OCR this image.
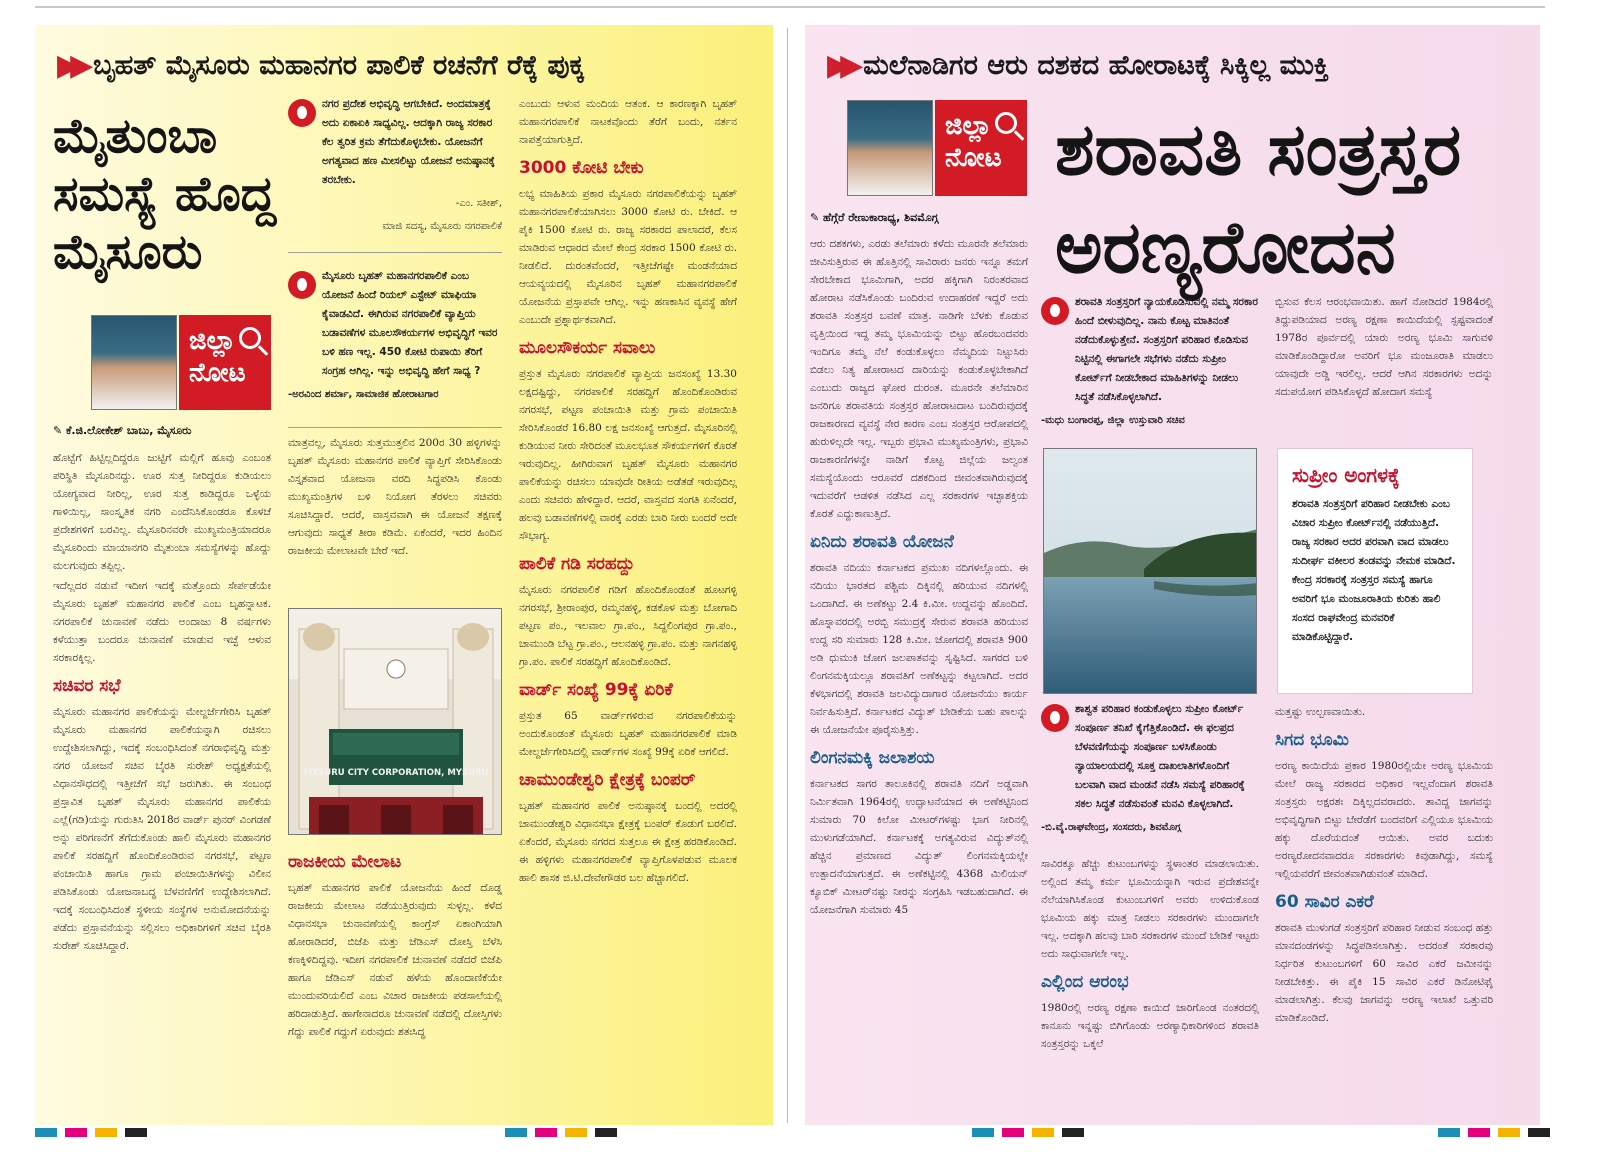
▶▶ ಬೃಹತ್ ಮೈಸೂರು ಮಹಾನಗರ ಪಾಲಿಕೆ ರಚನೆಗೆ ರೆಕ್ಕೆ ಪುಕ್ಕ
ಮೈತುಂಬಾ ಸಮಸ್ಯೆ ಹೊದ್ದ ಮೈಸೂರು
ಜಿಲ್ಲಾ ನೋಟ
✎ ಕೆ.ಜಿ.ಲೋಕೇಶ್ ಬಾಬು, ಮೈಸೂರು

ಹೊಟ್ಟೆಗೆ ಹಿಟ್ಟಿಲ್ಲದಿದ್ದರೂ ಜುಟ್ಟಿಗೆ ಮಲ್ಲಿಗೆ ಹೂವು ಎಂಬಂತ ಪರಿಸ್ಥಿತಿ ಮೈಸೂರಿನದ್ದು. ಊರ ಸುತ್ತ ನೀರಿದ್ದರೂ ಕುಡಿಯಲು ಯೋಗ್ಯವಾದ ನೀರಿಲ್ಲ, ಊರ ಸುತ್ತ ಕಾಡಿದ್ದರೂ ಒಳ್ಳೆಯ ಗಾಳಿಯಿಲ್ಲ, ಸಾಂಸ್ಕೃತಿಕ ನಗರಿ ಎಂದೆನಿಸಿಕೊಂಡರೂ ಕೊಳಚೆ ಪ್ರದೇಶಗಳಿಗೆ ಬರವಿಲ್ಲ. ಮೈಸೂರಿನವರೇ ಮುಖ್ಯಮಂತ್ರಿಯಾದರೂ ಮೈಸೂರಿಂದು ಮಾಯಾನಗರಿ ಮೈತುಂಬಾ ಸಮಸ್ಯೆಗಳನ್ನು ಹೊದ್ದು ಮಲಗುವುದು ತಪ್ಪಿಲ್ಲ.

ಇದೆಲ್ಲದರ ನಡುವೆ ಇದೀಗ ಇದಕ್ಕೆ ಮತ್ತೊಂದು ಸೇರ್ಪಡೆಯೇ ಮೈಸೂರು ಬೃಹತ್ ಮಹಾನಗರ ಪಾಲಿಕೆ ಎಂಬ ಬೃಹನ್ನಾಟಕ. ನಗರಪಾಲಿಕೆ ಚುನಾವಣೆ ನಡೆದು ಅಂದಾಜು 8 ವರ್ಷಗಳು ಕಳೆಯುತ್ತಾ ಬಂದರೂ ಚುನಾವಣೆ ಮಾಡುವ ಇಚ್ಛೆ ಆಳುವ ಸರಕಾರಕ್ಕಿಲ್ಲ.

ಸಚಿವರ ಸಭೆ

ಮೈಸೂರು ಮಹಾನಗರ ಪಾಲಿಕೆಯನ್ನು ಮೇಲ್ದರ್ಜೆಗೇರಿಸಿ ಬೃಹತ್ ಮೈಸೂರು ಮಹಾನಗರ ಪಾಲಿಕೆಯನ್ನಾಗಿ ರಚಿಸಲು ಉದ್ದೇಶಿಸಲಾಗಿದ್ದು, ಇದಕ್ಕೆ ಸಂಬಂಧಿಸಿದಂತೆ ನಗರಾಭಿವೃದ್ಧಿ ಮತ್ತು ನಗರ ಯೋಜನೆ ಸಚಿವ ಬೈರತಿ ಸುರೇಶ್ ಅಧ್ಯಕ್ಷತೆಯಲ್ಲಿ ವಿಧಾನಸೌಧದಲ್ಲಿ ಇತ್ತೀಚೆಗೆ ಸಭೆ ಜರುಗಿತು. ಈ ಸಂಬಂಧ ಪ್ರಸ್ತಾವಿತ ಬೃಹತ್ ಮೈಸೂರು ಮಹಾನಗರ ಪಾಲಿಕೆಯ ಎಲ್ಲೆ(ಗಡಿ)ಯನ್ನು ಗುರುತಿಸಿ 2018ರ ವಾರ್ಡ್ ಪುನರ್ ವಿಂಗಡಣೆ ಅನ್ನು ಪರಿಗಣನೆಗೆ ತೆಗೆದುಕೊಂಡು ಹಾಲಿ ಮೈಸೂರು ಮಹಾನಗರ ಪಾಲಿಕೆ ಸರಹದ್ದಿಗೆ ಹೊಂದಿಕೊಂಡಿರುವ ನಗರಸಭೆ, ಪಟ್ಟಣ ಪಂಚಾಯಿತಿ ಹಾಗೂ ಗ್ರಾಮ ಪಂಚಾಯಿತಿಗಳನ್ನು ವಿಲೀನ ಪಡಿಸಿಕೊಂಡು ಯೋಜನಾಬದ್ಧ ಬೆಳವಣಿಗೆಗೆ ಉದ್ದೇಶಿಸಲಾಗಿದೆ. ಇದಕ್ಕೆ ಸಂಬಂಧಿಸಿದಂತೆ ಸ್ಥಳೀಯ ಸಂಸ್ಥೆಗಳ ಅನುಮೋದನೆಯನ್ನು ಪಡೆದು ಪ್ರಸ್ತಾವನೆಯನ್ನು ಸಲ್ಲಿಸಲು ಅಧಿಕಾರಿಗಳಿಗೆ ಸಚಿವ ಬೈರತಿ ಸುರೇಶ್ ಸೂಚಿಸಿದ್ದಾರೆ.

ನಗರ ಪ್ರದೇಶ ಅಭಿವೃದ್ಧಿ ಆಗಬೇಕಿದೆ. ಅಂದಮಾತ್ರಕ್ಕೆ ಅದು ಏಕಾಏಕಿ ಸಾಧ್ಯವಿಲ್ಲ. ಆದಕ್ಕಾಗಿ ರಾಜ್ಯ ಸರಕಾರ ಕೆಲ ತ್ವರಿತ ಕ್ರಮ ತೆಗೆದುಕೊಳ್ಳಬೇಕು. ಯೋಜನೆಗೆ ಅಗತ್ಯವಾದ ಹಣ ಮೀಸಲಿಟ್ಟು ಯೋಜನೆ ಅನುಷ್ಠಾನಕ್ಕೆ ತರಬೇಕು.
-ಎಂ. ಸತೀಶ್,
ಮಾಜಿ ಸದಸ್ಯ, ಮೈಸೂರು ನಗರಪಾಲಿಕೆ
ಮೈಸೂರು ಬೃಹತ್ ಮಹಾನಗರಪಾಲಿಕೆ ಎಂಬ ಯೋಜನೆ ಹಿಂದೆ ರಿಯಲ್ ಎಸ್ಟೇಟ್ ಮಾಫಿಯಾ ಕೈವಾಡವಿದೆ. ಈಗಿರುವ ನಗರಪಾಲಿಕೆ ವ್ಯಾಪ್ತಿಯ ಬಡಾವಣೆಗಳ ಮೂಲಸೌಕರ್ಯಗಳ ಅಭಿವೃದ್ಧಿಗೆ ಇವರ ಬಳಿ ಹಣ ಇಲ್ಲ. 450 ಕೋಟಿ ರುಪಾಯಿ ತೆರಿಗೆ ಸಂಗ್ರಹ ಆಗಿಲ್ಲ. ಇನ್ನು ಅಭಿವೃದ್ಧಿ ಹೇಗೆ ಸಾಧ್ಯ ?
-ಅರವಿಂದ ಶರ್ಮಾ, ಸಾಮಾಜಿಕ ಹೋರಾಟಗಾರ

ಮಾತ್ರವಲ್ಲ, ಮೈಸೂರು ಸುತ್ತಮುತ್ತಲಿನ 200ರ 30 ಹಳ್ಳಿಗಳನ್ನು ಬೃಹತ್ ಮೈಸೂರು ಮಹಾನಗರ ಪಾಲಿಕೆ ವ್ಯಾಪ್ತಿಗೆ ಸೇರಿಸಿಕೊಂಡು ವಿಸ್ತೃತವಾದ ಯೋಜನಾ ವರದಿ ಸಿದ್ಧಪಡಿಸಿ ಕೊಂಡು ಮುಖ್ಯಮಂತ್ರಿಗಳ ಬಳಿ ನಿಯೋಗ ತೆರಳಲು ಸಚಿವರು ಸೂಚಿಸಿದ್ದಾರೆ. ಆದರೆ, ವಾಸ್ತವವಾಗಿ ಈ ಯೋಜನೆ ತಕ್ಷಣಕ್ಕೆ ಆಗುವುದು ಸಾಧ್ಯತೆ ತೀರಾ ಕಡಿಮೆ. ಏಕೆಂದರೆ, ಇದರ ಹಿಂದಿನ ರಾಜಕೀಯ ಮೇಲಾಟವೇ ಬೇರೆ ಇದೆ.

MYSURU CITY CORPORATION, MYSURU
ರಾಜಕೀಯ ಮೇಲಾಟ

ಬೃಹತ್ ಮಹಾನಗರ ಪಾಲಿಕೆ ಯೋಜನೆಯ ಹಿಂದೆ ದೊಡ್ಡ ರಾಜಕೀಯ ಮೇಲಾಟ ನಡೆಯುತ್ತಿರುವುದು ಸುಳ್ಳಲ್ಲ. ಕಳೆದ ವಿಧಾನಸಭಾ ಚುನಾವಣೆಯಲ್ಲಿ ಕಾಂಗ್ರೆಸ್ ಏಕಾಂಗಿಯಾಗಿ ಹೋರಾಡಿದರೆ, ಬಿಜೆಪಿ ಮತ್ತು ಜೆಡಿಎಸ್ ದೋಸ್ತಿ ಬೆಳೆಸಿ ಕಣಕ್ಕಿಳಿದಿದ್ದವು. ಇದೀಗ ನಗರಪಾಲಿಕೆ ಚುನಾವಣೆ ನಡೆದರೆ ಬಿಜೆಪಿ ಹಾಗೂ ಜೆಡಿಎಸ್ ನಡುವೆ ಹಳೆಯ ಹೊಂದಾಣಿಕೆಯೇ ಮುಂದುವರಿಯಲಿದೆ ಎಂಬ ವಿಚಾರ ರಾಜಕೀಯ ಪಡಸಾಲೆಯಲ್ಲಿ ಹರಿದಾಡುತ್ತಿದೆ. ಹಾಗೇನಾದರೂ ಚುನಾವಣೆ ನಡೆದಲ್ಲಿ ದೋಸ್ತಿಗಳು ಗೆದ್ದು ಪಾಲಿಕೆ ಗದ್ದುಗೆ ಏರುವುದು ಶತಃಸಿದ್ಧ

ಎಂಬುದು ಆಳುವ ಮಂದಿಯ ಆತಂಕ. ಆ ಕಾರಣಕ್ಕಾಗಿ ಬೃಹತ್ ಮಹಾನಗರಪಾಲಿಕೆ ನಾಟಕವೊಂದು ತೆರೆಗೆ ಬಂದು, ನರ್ತನ ನಾಪತ್ತೆಯಾಗುತ್ತಿದೆ.

3000 ಕೋಟಿ ಬೇಕು

ಲಭ್ಯ ಮಾಹಿತಿಯ ಪ್ರಕಾರ ಮೈಸೂರು ನಗರಪಾಲಿಕೆಯನ್ನು ಬೃಹತ್ ಮಹಾನಗರಪಾಲಿಕೆಯಾಗಿಸಲು 3000 ಕೋಟಿ ರು. ಬೇಕಿದೆ. ಆ ಪೈಕಿ 1500 ಕೋಟಿ ರು. ರಾಜ್ಯ ಸರಕಾರದ ಪಾಲಾದರೆ, ಕೆಲಸ ಮಾಡಿರುವ ಆಧಾರದ ಮೇಲೆ ಕೇಂದ್ರ ಸರಕಾರ 1500 ಕೋಟಿ ರು. ನೀಡಲಿದೆ. ದುರಂತವೆಂದರೆ, ಇತ್ತೀಚೆಗಷ್ಟೇ ಮಂಡನೆಯಾದ ಆಯವ್ಯಯದಲ್ಲಿ ಮೈಸೂರಿನ ಬೃಹತ್ ಮಹಾನಗರಪಾಲಿಕೆ ಯೋಜನೆಯ ಪ್ರಸ್ತಾಪವೇ ಆಗಿಲ್ಲ. ಇನ್ನು ಹಣಕಾಸಿನ ವ್ಯವಸ್ಥೆ ಹೇಗೆ ಎಂಬುದೇ ಪ್ರಶ್ನಾರ್ಥಕವಾಗಿದೆ.

ಮೂಲಸೌಕರ್ಯ ಸವಾಲು

ಪ್ರಸ್ತುತ ಮೈಸೂರು ನಗರಪಾಲಿಕೆ ವ್ಯಾಪ್ತಿಯ ಜನಸಂಖ್ಯೆ 13.30 ಲಕ್ಷದಷ್ಟಿದ್ದು, ನಗರಪಾಲಿಕೆ ಸರಹದ್ದಿಗೆ ಹೊಂದಿಕೊಂಡಿರುವ ನಗರಸಭೆ, ಪಟ್ಟಣ ಪಂಚಾಯಿತಿ ಮತ್ತು ಗ್ರಾಮ ಪಂಚಾಯಿತಿ ಸೇರಿಸಿಕೊಂಡರೆ 16.80 ಲಕ್ಷ ಜನಸಂಖ್ಯೆ ಆಗುತ್ತದೆ. ಮೈಸೂರಿನಲ್ಲಿ ಕುಡಿಯುವ ನೀರು ಸೇರಿದಂತೆ ಮೂಲಭೂತ ಸೌಕರ್ಯಗಳಿಗೆ ಕೊರತೆ ಇರುವುದಿಲ್ಲ. ಹೀಗಿರುವಾಗ ಬೃಹತ್ ಮೈಸೂರು ಮಹಾನಗರ ಪಾಲಿಕೆಯನ್ನು ರಚಿಸಲು ಯಾವುದೇ ರೀತಿಯ ಅಡೆತಡೆ ಇರುವುದಿಲ್ಲ ಎಂದು ಸಚಿವರು ಹೇಳಿದ್ದಾರೆ. ಆದರೆ, ವಾಸ್ತವದ ಸಂಗತಿ ಏನೆಂದರೆ, ಹಲವು ಬಡಾವಣೆಗಳಲ್ಲಿ ವಾರಕ್ಕೆ ಎರಡು ಬಾರಿ ನೀರು ಬಂದರೆ ಅದೇ ಸೌಭಾಗ್ಯ.

ಪಾಲಿಕೆ ಗಡಿ ಸರಹದ್ದು

ಮೈಸೂರು ನಗರಪಾಲಿಕೆ ಗಡಿಗೆ ಹೊಂದಿಕೊಂಡಂತೆ ಹೂಟಗಳ್ಳಿ ನಗರಸಭೆ, ಶ್ರೀರಾಂಪುರ, ರಮ್ಮನಹಳ್ಳಿ, ಕಡಕೊಳ ಮತ್ತು ಬೋಗಾದಿ ಪಟ್ಟಣ ಪಂ., ಇಲವಾಲ ಗ್ರಾ.ಪಂ., ಸಿದ್ದಲಿಂಗಪುರ ಗ್ರಾ.ಪಂ., ಚಾಮುಂಡಿ ಬೆಟ್ಟ ಗ್ರಾ.ಪಂ., ಆಲನಹಳ್ಳಿ ಗ್ರಾ.ಪಂ. ಮತ್ತು ನಾಗನಹಳ್ಳಿ ಗ್ರಾ.ಪಂ. ಪಾಲಿಕೆ ಸರಹದ್ದಿಗೆ ಹೊಂದಿಕೊಂಡಿದೆ.

ವಾರ್ಡ್ ಸಂಖ್ಯೆ 99ಕ್ಕೆ ಏರಿಕೆ

ಪ್ರಸ್ತುತ 65 ವಾರ್ಡ್‌ಗಳಿರುವ ನಗರಪಾಲಿಕೆಯನ್ನು ಅಂದುಕೊಂಡಂತೆ ಮೈಸೂರು ಬೃಹತ್ ಮಹಾನಗರಪಾಲಿಕೆ ಮಾಡಿ ಮೇಲ್ದರ್ಜೆಗೇರಿಸಿದಲ್ಲಿ ವಾರ್ಡ್‌ಗಳ ಸಂಖ್ಯೆ 99ಕ್ಕೆ ಏರಿಕೆ ಆಗಲಿದೆ.

ಚಾಮುಂಡೇಶ್ವರಿ ಕ್ಷೇತ್ರಕ್ಕೆ ಬಂಪರ್

ಬೃಹತ್ ಮಹಾನಗರ ಪಾಲಿಕೆ ಅನುಷ್ಠಾನಕ್ಕೆ ಬಂದಲ್ಲಿ ಅದರಲ್ಲಿ ಚಾಮುಂಡೇಶ್ವರಿ ವಿಧಾನಸಭಾ ಕ್ಷೇತ್ರಕ್ಕೆ ಬಂಪರ್ ಕೊಡುಗೆ ಬರಲಿದೆ. ಏಕೆಂದರೆ, ಮೈಸೂರು ನಗರದ ಸುತ್ತಲೂ ಈ ಕ್ಷೇತ್ರ ಹರಡಿಕೊಂಡಿದೆ. ಈ ಹಳ್ಳಿಗಳು ಮಹಾನಗರಪಾಲಿಕೆ ವ್ಯಾಪ್ತಿಗೊಳಪಡುವ ಮೂಲಕ ಹಾಲಿ ಶಾಸಕ ಜಿ.ಟಿ.ದೇವೇಗೌಡರ ಬಲ ಹೆಚ್ಚಾಗಲಿದೆ.

▶▶ ಮಲೆನಾಡಿಗರ ಆರು ದಶಕದ ಹೋರಾಟಕ್ಕೆ ಸಿಕ್ಕಿಲ್ಲ ಮುಕ್ತಿ
ಜಿಲ್ಲಾ ನೋಟ ಶರಾವತಿ ಸಂತ್ರಸ್ತರ ಅರಣ್ಯರೋದನ
✎ ಹೆಗ್ಗೆರೆ ರೇಣುಕಾರಾಧ್ಯ, ಶಿವಮೊಗ್ಗ

ಆರು ದಶಕಗಳು, ಎರಡು ತಲೆಮಾರು ಕಳೆದು ಮೂರನೇ ತಲೆಮಾರು ಜೀವಿಸುತ್ತಿರುವ ಈ ಹೊತ್ತಿನಲ್ಲಿ ಸಾವಿರಾರು ಜನರು ಇನ್ನೂ ತಮಗೆ ಸೇರಬೇಕಾದ ಭೂಮಿಗಾಗಿ, ಅದರ ಹಕ್ಕಿಗಾಗಿ ನಿರಂತರವಾದ ಹೋರಾಟ ನಡೆಸಿಕೊಂಡು ಬಂದಿರುವ ಉದಾಹರಣೆ ಇದ್ದರೆ ಅದು ಶರಾವತಿ ಸಂತ್ರಸ್ತರ ಬವಣೆ ಮಾತ್ರ. ನಾಡಿಗೇ ಬೆಳಕು ಕೊಡುವ ವೃತ್ತಿಯಿಂದ ಇದ್ದ ತಮ್ಮ ಭೂಮಿಯನ್ನು ಬಿಟ್ಟು ಹೊರಬಂದವರು ಇಂದಿಗೂ ತಮ್ಮ ನೆಲೆ ಕಂಡುಕೊಳ್ಳಲು ನೆಮ್ಮದಿಯ ನಿಟ್ಟುಸಿರು ಬಿಡಲು ನಿತ್ಯ ಹೋರಾಟದ ದಾರಿಯನ್ನು ಕಂಡುಕೊಳ್ಳಬೇಕಾಗಿದೆ ಎಂಬುದು ರಾಜ್ಯದ ಘೋರ ದುರಂತ. ಮೂರನೇ ತಲೆಮಾರಿನ ಜನರಿಗೂ ಶರಾವತಿಯ ಸಂತ್ರಸ್ತರ ಹೋರಾಟದಾಟ ಬಂದಿರುವುದಕ್ಕೆ ರಾಜಕಾರಣದ ವ್ಯವಸ್ಥೆ ನೇರ ಕಾರಣ ಎಂಬ ಸಂತ್ರಸ್ತರ ಆರೋಪದಲ್ಲಿ ಹುರುಳಿಲ್ಲದೇ ಇಲ್ಲ. ಇಬ್ಬರು ಪ್ರಭಾವಿ ಮುಖ್ಯಮಂತ್ರಿಗಳು, ಪ್ರಭಾವಿ ರಾಜಕಾರಣಿಗಳನ್ನೇ ನಾಡಿಗೆ ಕೊಟ್ಟ ಜಿಲ್ಲೆಯ ಜಲ್ವಂತ ಸಮಸ್ಯೆಯೊಂದು ಆರೂವರೆ ದಶಕದಿಂದ ಜೀವಂತವಾಗಿರುವುದಕ್ಕೆ ಇದುವರೆಗೆ ಆಡಳಿತ ನಡೆಸಿದ ಎಲ್ಲ ಸರಕಾರಗಳ ಇಚ್ಛಾಶಕ್ತಿಯ ಕೊರತೆ ಎದ್ದುಕಾಣುತ್ತಿದೆ.

ಏನಿದು ಶರಾವತಿ ಯೋಜನೆ

ಶರಾವತಿ ನದಿಯು ಕರ್ನಾಟಕದ ಪ್ರಮುಖ ನದಿಗಳಲ್ಲೊಂದು. ಈ ನದಿಯು ಭಾರತದ ಪಶ್ಚಿಮ ದಿಕ್ಕಿನಲ್ಲಿ ಹರಿಯುವ ನದಿಗಳಲ್ಲಿ ಒಂದಾಗಿದೆ. ಈ ಅಣೆಕಟ್ಟು 2.4 ಕಿ.ಮೀ. ಉದ್ದವನ್ನು ಹೊಂದಿದೆ. ಹೊಸ್ನಾವರದಲ್ಲಿ ಅರಬ್ಬಿ ಸಮುದ್ರಕ್ಕೆ ಸೇರುವ ಶರಾವತಿ ಹರಿಯುವ ಉದ್ದ ಸರಿ ಸುಮಾರು 128 ಕಿ.ಮೀ. ಜೋಗದಲ್ಲಿ ಶರಾವತಿ 900 ಅಡಿ ಧುಮುಕಿ ಜೋಗ ಜಲಪಾತವನ್ನು ಸೃಷ್ಟಿಸಿದೆ. ಸಾಗರದ ಬಳಿ ಲಿಂಗನಮಕ್ಕಿಯಲ್ಲೂ ಶರಾವತಿಗೆ ಅಣೆಕಟ್ಟನ್ನು ಕಟ್ಟಲಾಗಿದೆ. ಅದರ ಕೆಳಭಾಗದಲ್ಲಿ ಶರಾವತಿ ಜಲವಿದ್ಯುದಾಗಾರ ಯೋಜನೆಯು ಕಾರ್ಯ ನಿರ್ವಹಿಸುತ್ತಿದೆ. ಕರ್ನಾಟಕದ ವಿದ್ಯುತ್ ಬೇಡಿಕೆಯ ಬಹು ಪಾಲನ್ನು ಈ ಯೋಜನೆಯೇ ಪೂರೈಸುತ್ತಿತ್ತು.

ಲಿಂಗನಮಕ್ಕಿ ಜಲಾಶಯ

ಕರ್ನಾಟಕದ ಸಾಗರ ತಾಲೂಕಿನಲ್ಲಿ ಶರಾವತಿ ನದಿಗೆ ಅಡ್ಡವಾಗಿ ನಿರ್ಮಿತವಾಗಿ 1964ರಲ್ಲಿ ಉದ್ಘಾಟನೆಯಾದ ಈ ಅಣೆಕಟ್ಟಿನಿಂದ ಸುಮಾರು 70 ಕಿಲೋ ಮೀಟರ್‌ಗಳಷ್ಟು ಭಾಗ ನೀರಿನಲ್ಲಿ ಮುಳುಗಡೆಯಾಗಿದೆ. ಕರ್ನಾಟಕಕ್ಕೆ ಅಗತ್ಯವಿರುವ ವಿದ್ಯುತ್‌ನಲ್ಲಿ ಹೆಚ್ಚಿನ ಪ್ರಮಾಣದ ವಿದ್ಯುತ್ ಲಿಂಗನಮಕ್ಕಿಯಲ್ಲೇ ಉತ್ಪಾದನೆಯಾಗುತ್ತದೆ. ಈ ಅಣೆಕಟ್ಟಿನಲ್ಲಿ 4368 ಮಿಲಿಯನ್ ಕ್ಯೂಬಿಕ್ ಮೀಟರ್‌ನಷ್ಟು ನೀರನ್ನು ಸಂಗ್ರಹಿಸಿ ಇಡಬಹುದಾಗಿದೆ. ಈ ಯೋಜನೆಗಾಗಿ ಸುಮಾರು 45

ಶರಾವತಿ ಸಂತ್ರಸ್ತರಿಗೆ ನ್ಯಾಯಕೊಡಿಸುವಲ್ಲಿ ನಮ್ಮ ಸರಕಾರ ಹಿಂದೆ ಬೀಳುವುದಿಲ್ಲ. ನಾನು ಕೊಟ್ಟ ಮಾತಿನಂತೆ ನಡೆದುಕೊಳ್ಳುತ್ತೇನೆ. ಸಂತ್ರಸ್ತರಿಗೆ ಪರಿಹಾರ ಕೊಡಿಸುವ ನಿಟ್ಟಿನಲ್ಲಿ ಈಗಾಗಲೇ ಸಭೆಗಳು ನಡೆದು ಸುಪ್ರೀಂ ಕೋರ್ಟ್‌ಗೆ ನೀಡಬೇಕಾದ ಮಾಹಿತಿಗಳನ್ನು ನೀಡಲು ಸಿದ್ಧತೆ ನಡೆಸಿಕೊಳ್ಳಲಾಗಿದೆ.
-ಮಧು ಬಂಗಾರಪ್ಪ, ಜಿಲ್ಲಾ ಉಸ್ತುವಾರಿ ಸಚಿವ
ಶಾಶ್ವತ ಪರಿಹಾರ ಕಂಡುಕೊಳ್ಳಲು ಸುಪ್ರೀಂ ಕೋರ್ಟ್ ಸಂಪೂರ್ಣ ತನಿಖೆ ಕೈಗೆತ್ತಿಕೊಂಡಿದೆ. ಈ ಫಲಪ್ರದ ಬೆಳವಣಿಗೆಯನ್ನು ಸಂಪೂರ್ಣ ಬಳಸಿಕೊಂಡು ನ್ಯಾಯಾಲಯದಲ್ಲಿ ಸೂಕ್ತ ದಾಖಲಾತಿಗಳೊಂದಿಗೆ ಬಲವಾಗಿ ವಾದ ಮಂಡನೆ ನಡೆಸಿ ಸಮಸ್ಯೆ ಪರಿಹಾರಕ್ಕೆ ಸಕಲ ಸಿದ್ಧತೆ ನಡೆಸುವಂತೆ ಮನವಿ ಕೊಳ್ಳಲಾಗಿದೆ.
-ಬಿ.ವೈ.ರಾಘವೇಂದ್ರ, ಸಂಸದರು, ಶಿವಮೊಗ್ಗ

ಸಾವಿರಕ್ಕೂ ಹೆಚ್ಚು ಕುಟುಂಬಗಳನ್ನು ಸ್ಥಳಾಂತರ ಮಾಡಲಾಯಿತು. ಅಲ್ಲಿಂದ ತಮ್ಮ ಕರ್ಮ ಭೂಮಿಯನ್ನಾಗಿ ಇರುವ ಪ್ರದೇಶವನ್ನೇ ನೆಲೆಯಾಗಿಸಿಕೊಂಡ ಕುಟುಂಬಗಳಿಗೆ ಅವರು ಉಳಿದುಕೊಂಡ ಭೂಮಿಯ ಹಕ್ಕು ಮಾತ್ರ ನೀಡಲು ಸರಕಾರಗಳು ಮುಂದಾಗಲೇ ಇಲ್ಲ. ಅದಕ್ಕಾಗಿ ಹಲವು ಬಾರಿ ಸರಕಾರಗಳ ಮುಂದೆ ಬೇಡಿಕೆ ಇಟ್ಟರು ಅದು ಸಾಧುವಾಗಲೇ ಇಲ್ಲ.

ಎಲ್ಲಿಂದ ಆರಂಭ

1980ರಲ್ಲಿ ಅರಣ್ಯ ರಕ್ಷಣಾ ಕಾಯಿದೆ ಜಾರಿಗೊಂಡ ನಂತರದಲ್ಲಿ ಕಾನೂನು ಇನ್ನಷ್ಟು ಬಿಗಿಗೊಂಡು ಅರಣ್ಯಾಧಿಕಾರಿಗಳಿಂದ ಶರಾವತಿ ಸಂತ್ರಸ್ತರನ್ನು ಒಕ್ಕಲೆ

ಬ್ಬಿಸುವ ಕೆಲಸ ಆರಂಭವಾಯಿತು. ಹಾಗೆ ನೋಡಿದರೆ 1984ರಲ್ಲಿ ತಿದ್ದುಪಡಿಯಾದ ಅರಣ್ಯ ರಕ್ಷಣಾ ಕಾಯಿದೆಯಲ್ಲಿ ಸ್ಪಷ್ಟವಾದಂತೆ 1978ರ ಪೂರ್ವದಲ್ಲಿ ಯಾರು ಅರಣ್ಯ ಭೂಮಿ ಸಾಗುವಳಿ ಮಾಡಿಕೊಂಡಿದ್ದಾರೋ ಅವರಿಗೆ ಭೂ ಮಂಜೂರಾತಿ ಮಾಡಲು ಯಾವುದೇ ಅಡ್ಡಿ ಇರಲಿಲ್ಲ. ಆದರೆ ಆಗಿನ ಸರಕಾರಗಳು ಅದನ್ನು ಸದುಪಯೋಗ ಪಡಿಸಿಕೊಳ್ಳದೆ ಹೋದಾಗ ಸಮಸ್ಯೆ

ಸುಪ್ರೀಂ ಅಂಗಳಕ್ಕೆ
ಶರಾವತಿ ಸಂತ್ರಸ್ತರಿಗೆ ಪರಿಹಾರ ನೀಡಬೇಕು ಎಂಬ ವಿಚಾರ ಸುಪ್ರೀಂ ಕೋರ್ಟ್‌ನಲ್ಲಿ ನಡೆಯುತ್ತಿದೆ. ರಾಜ್ಯ ಸರಕಾರ ಅದರ ಪರವಾಗಿ ವಾದ ಮಾಡಲು ಸುದೀರ್ಘ ವಕೀಲರ ತಂಡವನ್ನು ನೇಮಕ ಮಾಡಿದೆ. ಕೇಂದ್ರ ಸರಕಾರಕ್ಕೆ ಸಂತ್ರಸ್ತರ ಸಮಸ್ಯೆ ಹಾಗೂ ಅವರಿಗೆ ಭೂ ಮಂಜೂರಾತಿಯ ಕುರಿತು ಹಾಲಿ ಸಂಸದ ರಾಘವೇಂದ್ರ ಮನವರಿಕೆ ಮಾಡಿಕೊಟ್ಟಿದ್ದಾರೆ.

ಮತ್ತಷ್ಟು ಉಲ್ಬಣವಾಯಿತು.

ಸಿಗದ ಭೂಮಿ

ಅರಣ್ಯ ಕಾಯಿದೆಯ ಪ್ರಕಾರ 1980ರಲ್ಲಿಯೇ ಅರಣ್ಯ ಭೂಮಿಯ ಮೇಲೆ ರಾಜ್ಯ ಸರಕಾರದ ಅಧಿಕಾರ ಇಲ್ಲವೆಂದಾಗ ಶರಾವತಿ ಸಂತ್ರಸ್ತರು ಅಕ್ಷರಶಃ ದಿಕ್ಕಿಲ್ಲದವರಾದರು. ತಾವಿದ್ದ ಜಾಗವನ್ನು ಅಭಿವೃದ್ಧಿಗಾಗಿ ಬಿಟ್ಟು ಬೇರೆಡೆಗೆ ಬಂದವರಿಗೆ ಎಲ್ಲಿಯೂ ಭೂಮಿಯ ಹಕ್ಕು ದೊರೆಯದಂತೆ ಆಯಿತು. ಅವರ ಬದುಕು ಅರಣ್ಯರೋದನವಾದರೂ ಸರಕಾರಗಳು ಕಿವುಡಾಗಿದ್ದು, ಸಮಸ್ಯೆ ಇಲ್ಲಿಯವರೆಗೆ ಜೀವಂತವಾಗಿಡುವಂತೆ ಮಾಡಿದೆ.

60 ಸಾವಿರ ಎಕರೆ

ಶರಾವತಿ ಮುಳುಗಡೆ ಸಂತ್ರಸ್ತರಿಗೆ ಪರಿಹಾರ ನೀಡುವ ಸಂಬಂಧ ಹತ್ತು ಮಾನದಂಡಗಳನ್ನು ಸಿದ್ಧಪಡಿಸಲಾಗಿತ್ತು. ಅದರಂತೆ ಸರಕಾರವು ನಿರ್ಧರಿತ ಕುಟುಂಬಗಳಿಗೆ 60 ಸಾವಿರ ಎಕರೆ ಜಮೀನನ್ನು ನೀಡಬೇಕಿತ್ತು. ಈ ಪೈಕಿ 15 ಸಾವಿರ ಎಕರೆ ಡಿನೋಟಿಫೈ ಮಾಡಲಾಗಿತ್ತು. ಕೆಲವು ಜಾಗವನ್ನು ಅರಣ್ಯ ಇಲಾಖೆ ಒತ್ತುವರಿ ಮಾಡಿಕೊಂಡಿದೆ.
